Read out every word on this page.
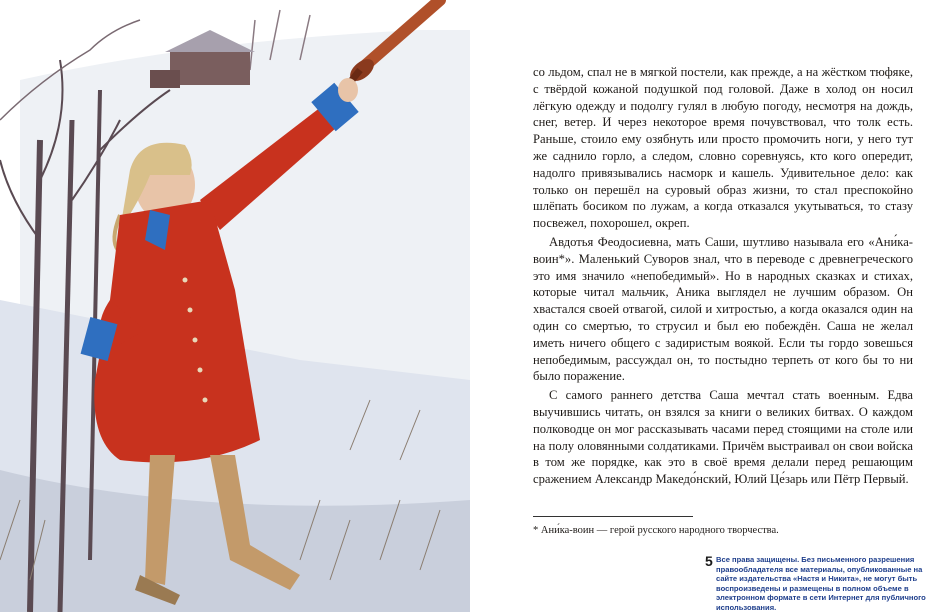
со льдом, спал не в мягкой постели, как прежде, а на жёстком тюфяке, с твёрдой кожаной подушкой под головой. Даже в холод он носил лёгкую одежду и подолгу гулял в любую погоду, несмотря на дождь, снег, ветер. И через некоторое время почувствовал, что толк есть. Раньше, стоило ему озябнуть или просто промочить ноги, у него тут же саднило горло, а следом, словно соревнуясь, кто кого опередит, надолго привязывались насморк и кашель. Удивительное дело: как только он перешёл на суровый образ жизни, то стал преспокойно шлёпать босиком по лужам, а когда отказался укутываться, то стазу посвежел, похорошел, окреп.

Авдотья Феодосиевна, мать Саши, шутливо называла его «Ани́ка-воин*». Маленький Суворов знал, что в переводе с древнегреческого это имя значило «непобедимый». Но в народных сказках и стихах, которые читал мальчик, Аника выглядел не лучшим образом. Он хвастался своей отвагой, силой и хитростью, а когда оказался один на один со смертью, то струсил и был ею побеждён. Саша не желал иметь ничего общего с задиристым воякой. Если ты гордо зовешься непобедимым, рассуждал он, то постыдно терпеть от кого бы то ни было поражение.

С самого раннего детства Саша мечтал стать военным. Едва выучившись читать, он взялся за книги о великих битвах. О каждом полководце он мог рассказывать часами перед стоящими на столе или на полу оловянными солдатиками. Причём выстраивал он свои войска в том же порядке, как это в своё время делали перед решающим сражением Александр Македо́нский, Юлий Це́зарь или Пётр Первый.

* Ани́ка-воин — герой русского народного творчества.
5 Все права защищены. Без письменного разрешения правообладателя все материалы, опубликованные на сайте издательства «Настя и Никита», не могут быть воспроизведены и размещены в полном объеме в электронном формате в сети Интернет для публичного использования.
